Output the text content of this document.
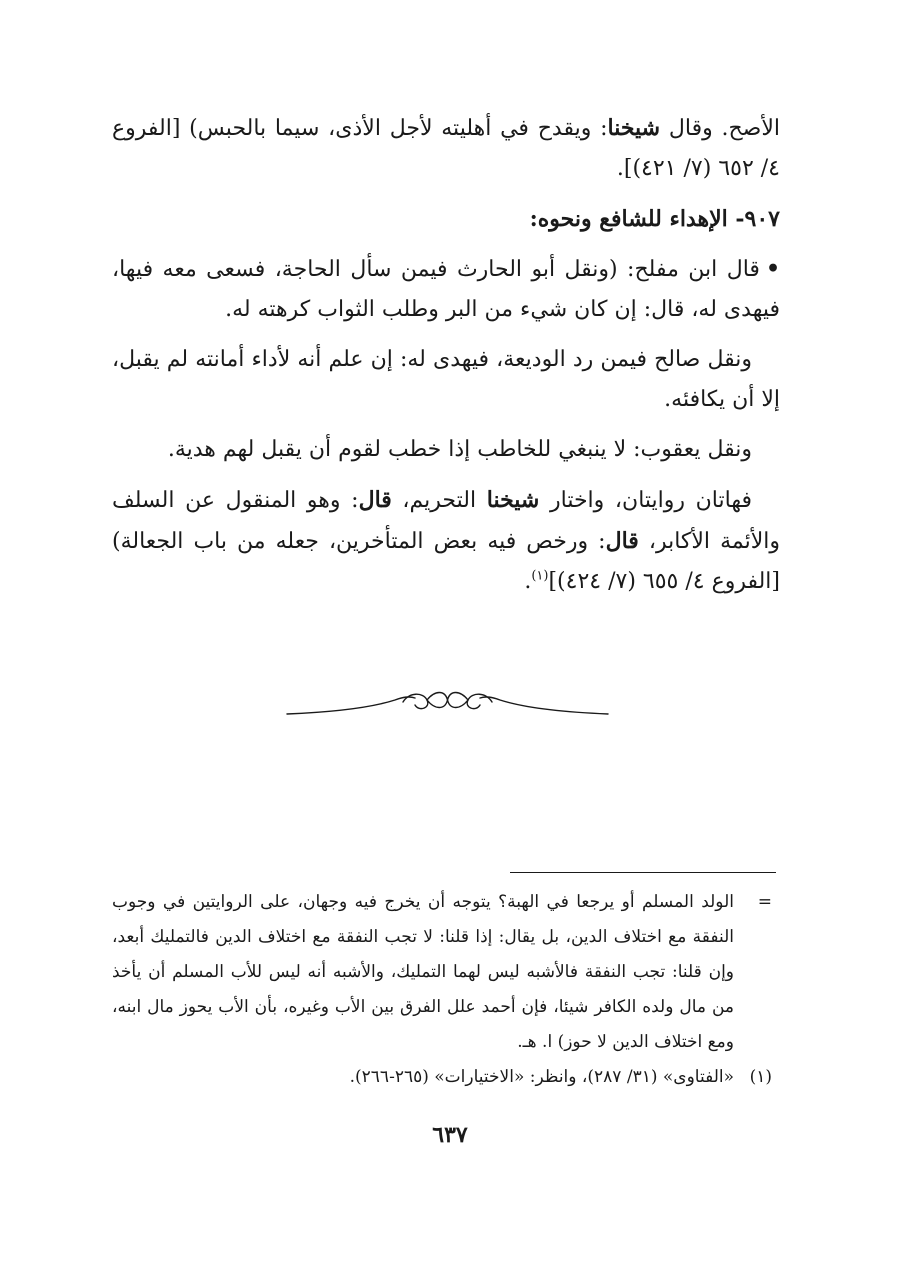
الأصح. وقال شيخنا: ويقدح في أهليته لأجل الأذى، سيما بالحبس) [الفروع ٤/ ٦٥٢ (٧/ ٤٢١)].

٩٠٧- الإهداء للشافع ونحوه:

•قال ابن مفلح: (ونقل أبو الحارث فيمن سأل الحاجة، فسعى معه فيها، فيهدى له، قال: إن كان شيء من البر وطلب الثواب كرهته له.

ونقل صالح فيمن رد الوديعة، فيهدى له: إن علم أنه لأداء أمانته لم يقبل، إلا أن يكافئه.

ونقل يعقوب: لا ينبغي للخاطب إذا خطب لقوم أن يقبل لهم هدية.

فهاتان روايتان، واختار شيخنا التحريم، قال: وهو المنقول عن السلف والأئمة الأكابر، قال: ورخص فيه بعض المتأخرين، جعله من باب الجعالة) [الفروع ٤/ ٦٥٥ (٧/ ٤٢٤)]$^{(١)}$.

=
الولد المسلم أو يرجعا في الهبة؟ يتوجه أن يخرج فيه وجهان، على الروايتين في وجوب النفقة مع اختلاف الدين، بل يقال: إذا قلنا: لا تجب النفقة مع اختلاف الدين فالتمليك أبعد، وإن قلنا: تجب النفقة فالأشبه ليس لهما التمليك، والأشبه أنه ليس للأب المسلم أن يأخذ من مال ولده الكافر شيئا، فإن أحمد علل الفرق بين الأب وغيره، بأن الأب يحوز مال ابنه، ومع اختلاف الدين لا حوز) ا. هـ.
(١)
«الفتاوى» (٣١/ ٢٨٧)، وانظر: «الاختيارات» (٢٦٥-٢٦٦).
٦٣٧
